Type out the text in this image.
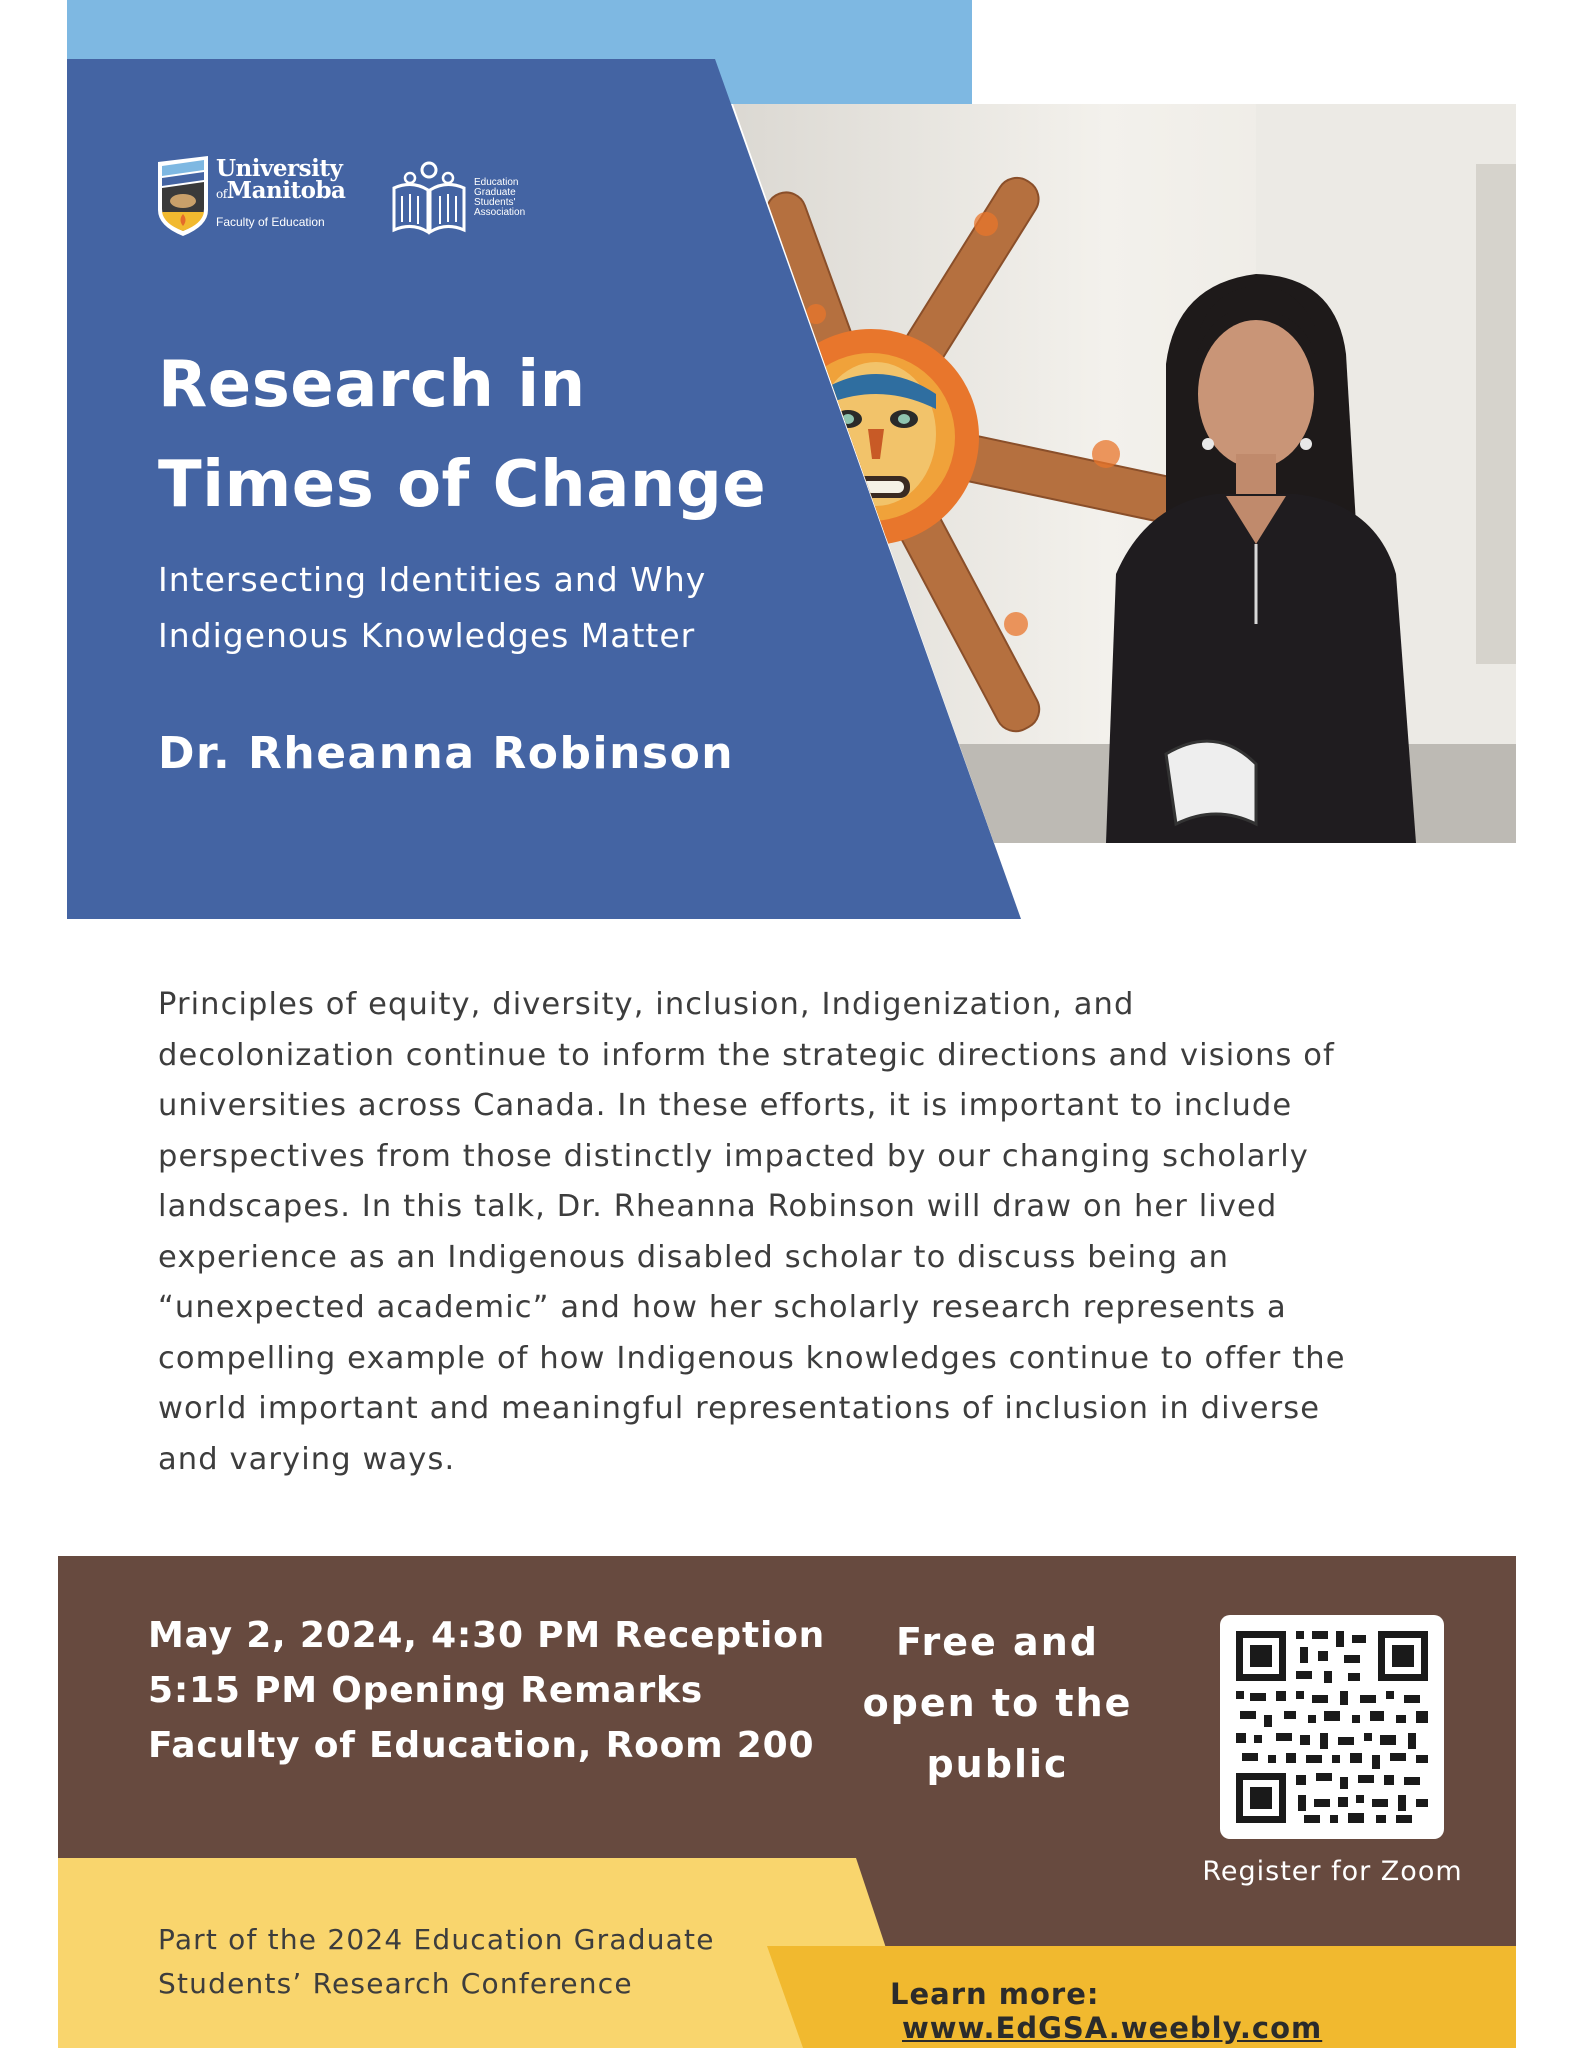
University
ofManitoba
Faculty of Education
Education
Graduate
Students'
Association
Research in
Times of Change
Intersecting Identities and Why
Indigenous Knowledges Matter
Dr. Rheanna Robinson
Principles of equity, diversity, inclusion, Indigenization, and
decolonization continue to inform the strategic directions and visions of
universities across Canada. In these efforts, it is important to include
perspectives from those distinctly impacted by our changing scholarly
landscapes. In this talk, Dr. Rheanna Robinson will draw on her lived
experience as an Indigenous disabled scholar to discuss being an
“unexpected academic” and how her scholarly research represents a
compelling example of how Indigenous knowledges continue to offer the
world important and meaningful representations of inclusion in diverse
and varying ways.
May 2, 2024, 4:30 PM Reception
5:15 PM Opening Remarks
Faculty of Education, Room 200
Free and
open to the
public
Register for Zoom
Part of the 2024 Education Graduate
Students’ Research Conference	Learn more: www.EdGSA.weebly.com
